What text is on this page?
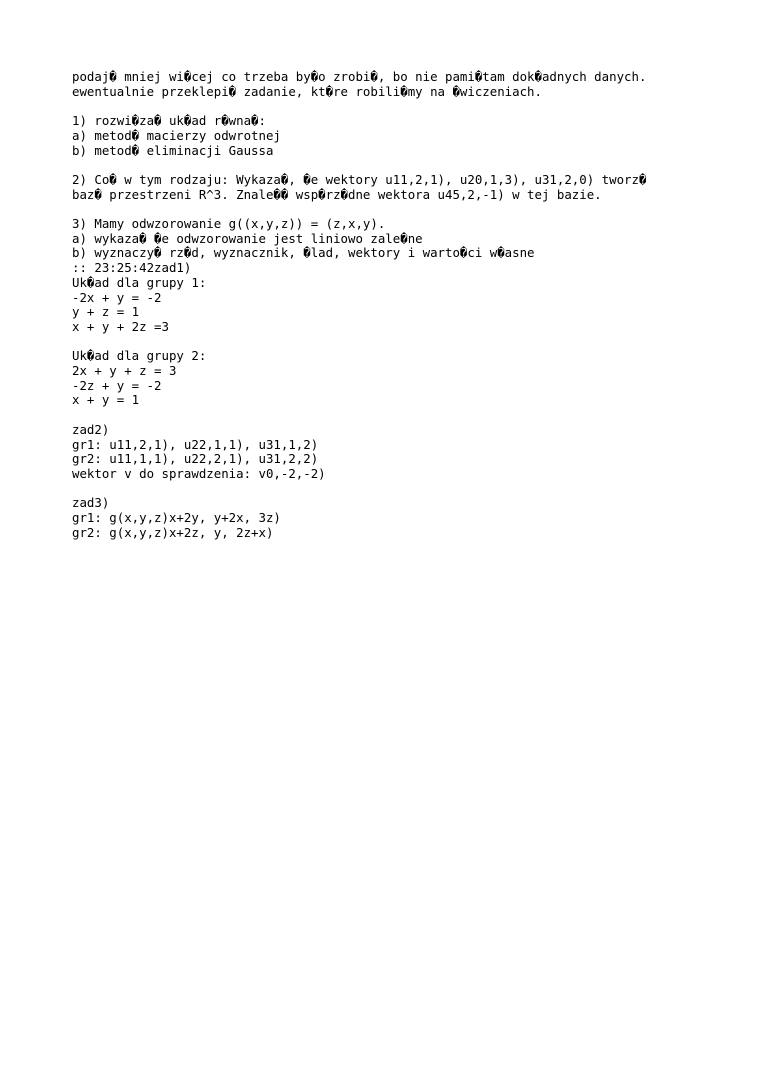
podaj� mniej wi�cej co trzeba by�o zrobi�, bo nie pami�tam dok�adnych danych.
ewentualnie przeklepi� zadanie, kt�re robili�my na �wiczeniach.
1) rozwi�za� uk�ad r�wna�:
a) metod� macierzy odwrotnej
b) metod� eliminacji Gaussa
2) Co� w tym rodzaju: Wykaza�, �e wektory u11,2,1), u20,1,3), u31,2,0) tworz�
baz� przestrzeni R^3. Znale�� wsp�rz�dne wektora u45,2,-1) w tej bazie.
3) Mamy odwzorowanie g((x,y,z)) = (z,x,y).
a) wykaza� �e odwzorowanie jest liniowo zale�ne
b) wyznaczy� rz�d, wyznacznik, �lad, wektory i warto�ci w�asne
:: 23:25:42zad1)
Uk�ad dla grupy 1:
-2x + y = -2
y + z = 1
x + y + 2z =3
Uk�ad dla grupy 2:
2x + y + z = 3
-2z + y = -2
x + y = 1
zad2)
gr1: u11,2,1), u22,1,1), u31,1,2)
gr2: u11,1,1), u22,2,1), u31,2,2)
wektor v do sprawdzenia: v0,-2,-2)
zad3)
gr1: g(x,y,z)x+2y, y+2x, 3z)
gr2: g(x,y,z)x+2z, y, 2z+x)
